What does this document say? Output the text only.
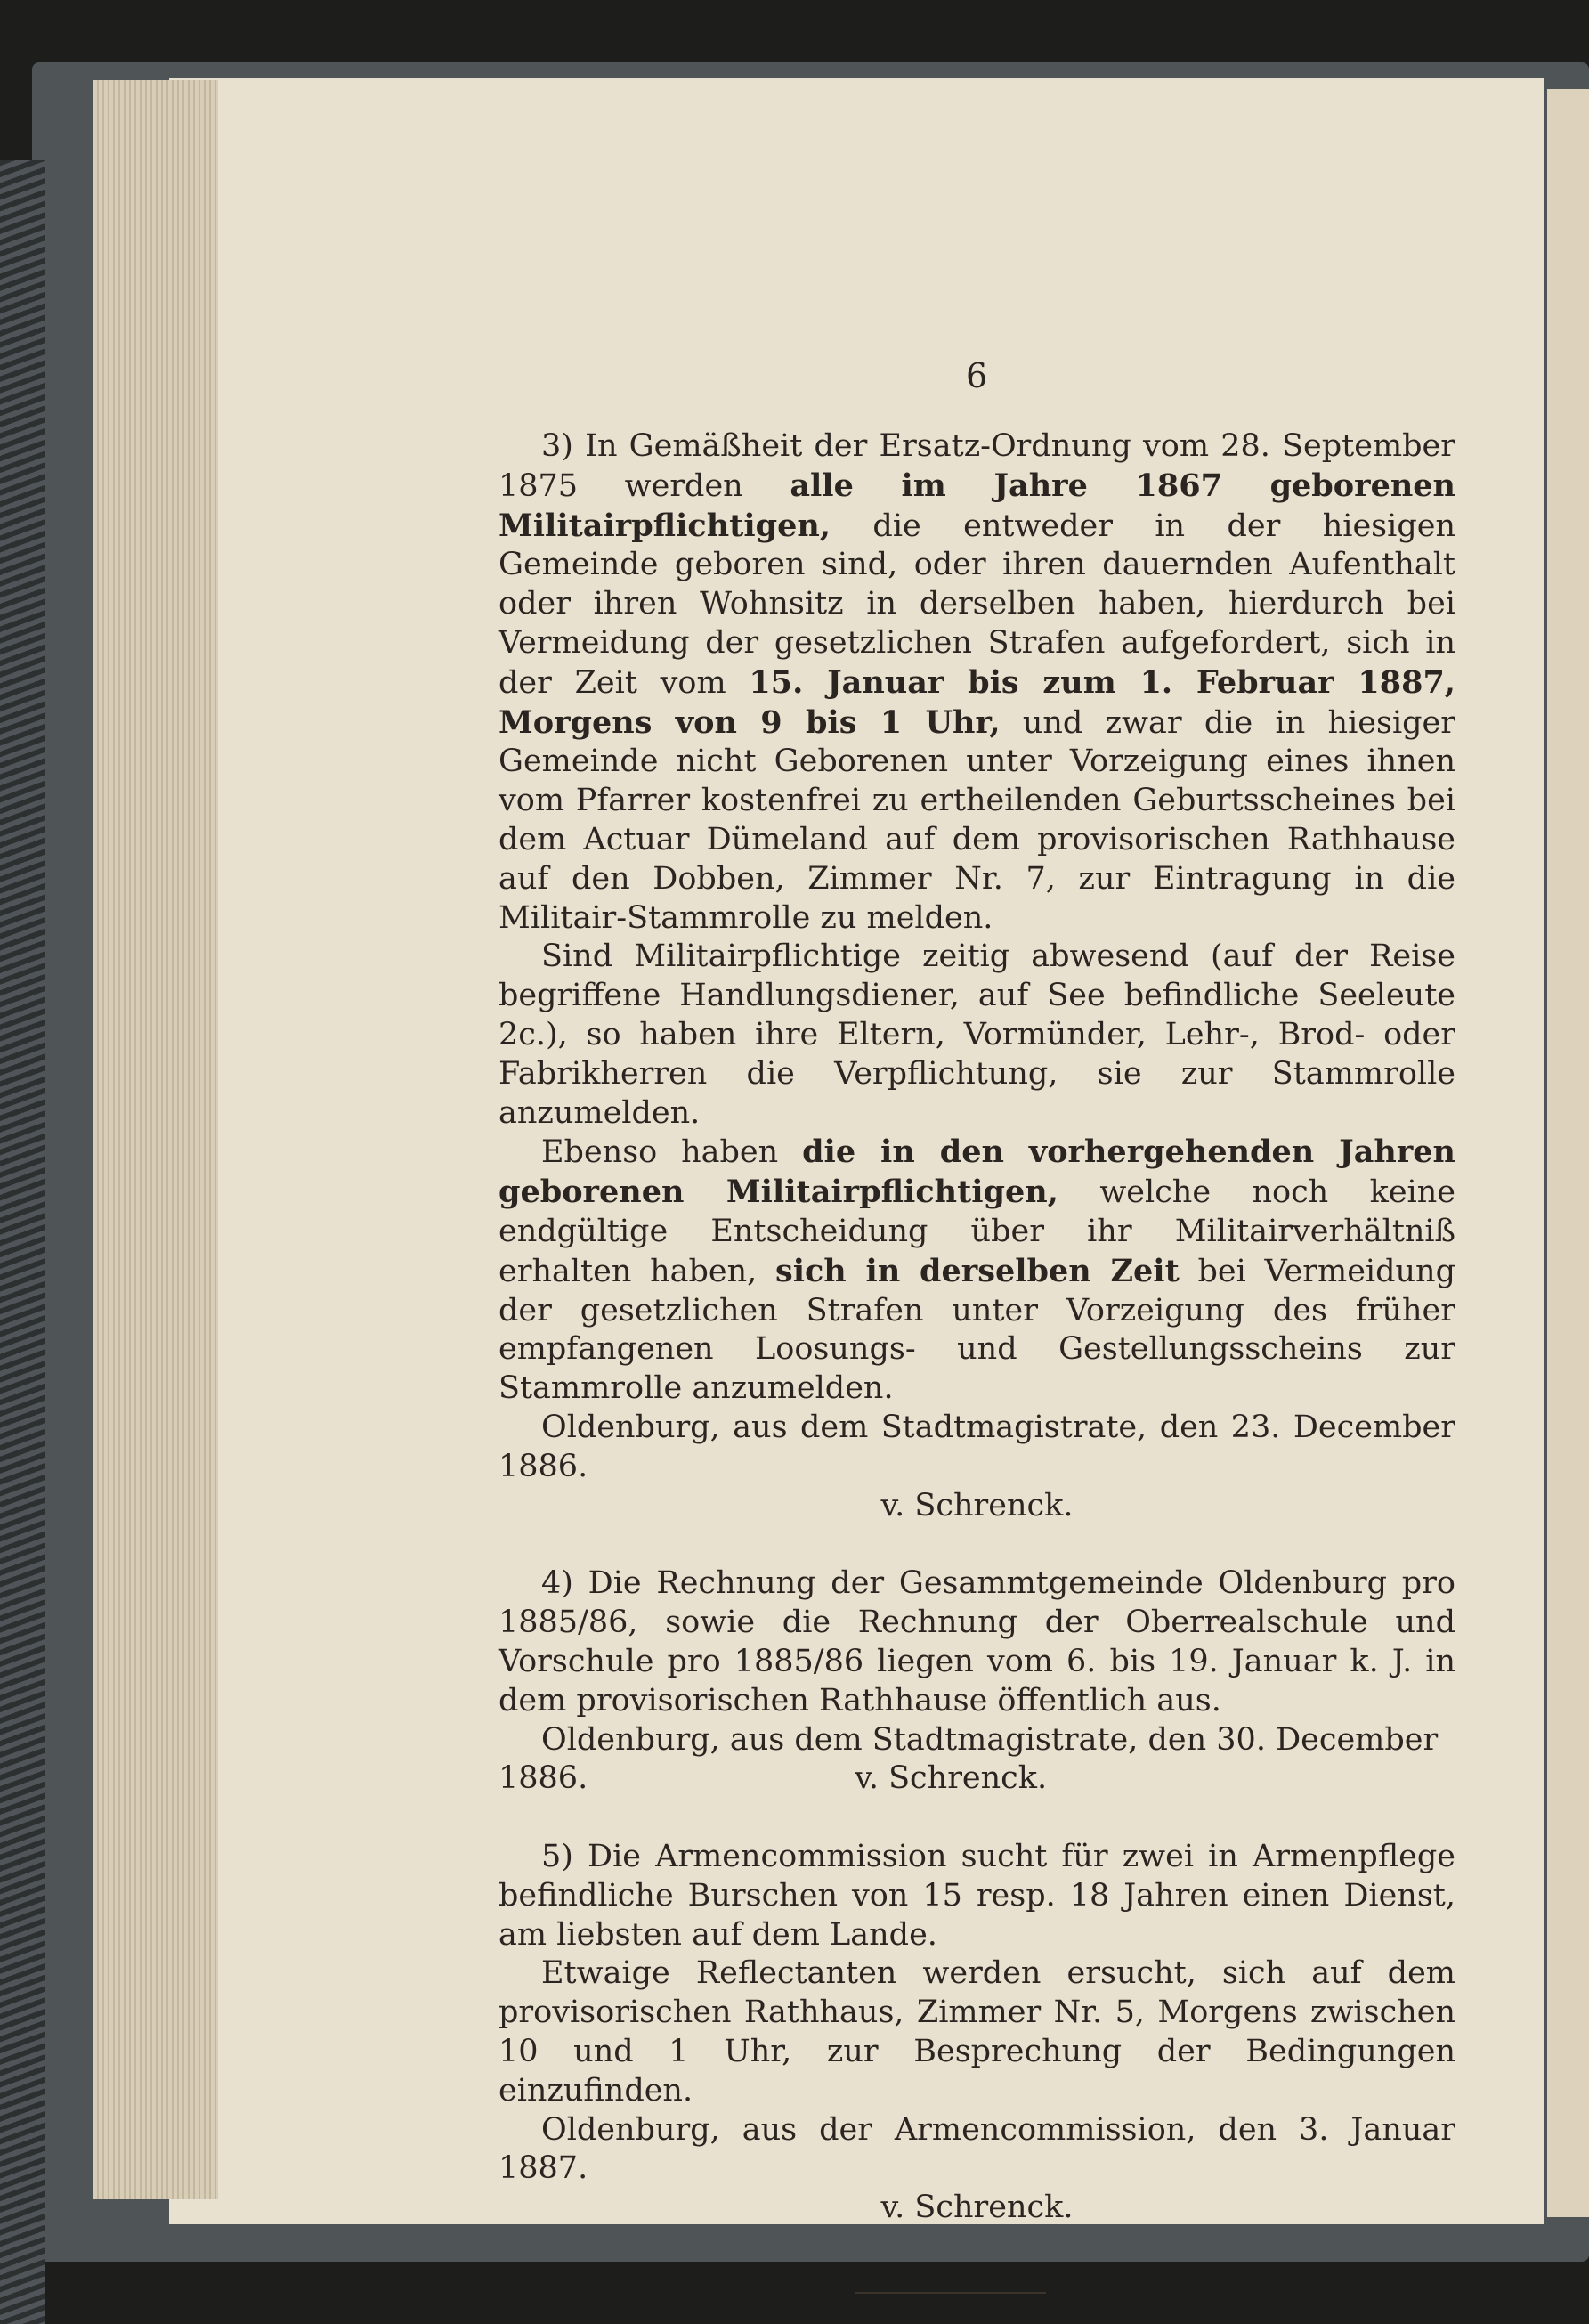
6

3) In Gemäßheit der Ersatz-Ordnung vom 28. September 1875 werden alle im Jahre 1867 geborenen Militairpflichtigen, die entweder in der hiesigen Gemeinde geboren sind, oder ihren dauernden Aufenthalt oder ihren Wohnsitz in derselben haben, hierdurch bei Vermeidung der gesetzlichen Strafen aufgefordert, sich in der Zeit vom 15. Januar bis zum 1. Februar 1887, Morgens von 9 bis 1 Uhr, und zwar die in hiesiger Gemeinde nicht Geborenen unter Vorzeigung eines ihnen vom Pfarrer kostenfrei zu ertheilenden Geburtsscheines bei dem Actuar Dümeland auf dem provisorischen Rathhause auf den Dobben, Zimmer Nr. 7, zur Eintragung in die Militair-Stammrolle zu melden.

Sind Militairpflichtige zeitig abwesend (auf der Reise begriffene Handlungsdiener, auf See befindliche Seeleute 2c.), so haben ihre Eltern, Vormünder, Lehr-, Brod- oder Fabrikherren die Verpflichtung, sie zur Stammrolle anzumelden.

Ebenso haben die in den vorhergehenden Jahren geborenen Militairpflichtigen, welche noch keine endgültige Entscheidung über ihr Militairverhältniß erhalten haben, sich in derselben Zeit bei Vermeidung der gesetzlichen Strafen unter Vorzeigung des früher empfangenen Loosungs- und Gestellungsscheins zur Stammrolle anzumelden.

Oldenburg, aus dem Stadtmagistrate, den 23. December 1886.

v. Schrenck.

4) Die Rechnung der Gesammtgemeinde Oldenburg pro 1885/86, sowie die Rechnung der Oberrealschule und Vorschule pro 1885/86 liegen vom 6. bis 19. Januar k. J. in dem provisorischen Rathhause öffentlich aus.

Oldenburg, aus dem Stadtmagistrate, den 30. December

1886.	v. Schrenck.

5) Die Armencommission sucht für zwei in Armenpflege befindliche Burschen von 15 resp. 18 Jahren einen Dienst, am liebsten auf dem Lande.

Etwaige Reflectanten werden ersucht, sich auf dem provisorischen Rathhaus, Zimmer Nr. 5, Morgens zwischen 10 und 1 Uhr, zur Besprechung der Bedingungen einzufinden.

Oldenburg, aus der Armencommission, den 3. Januar 1887.

v. Schrenck.
